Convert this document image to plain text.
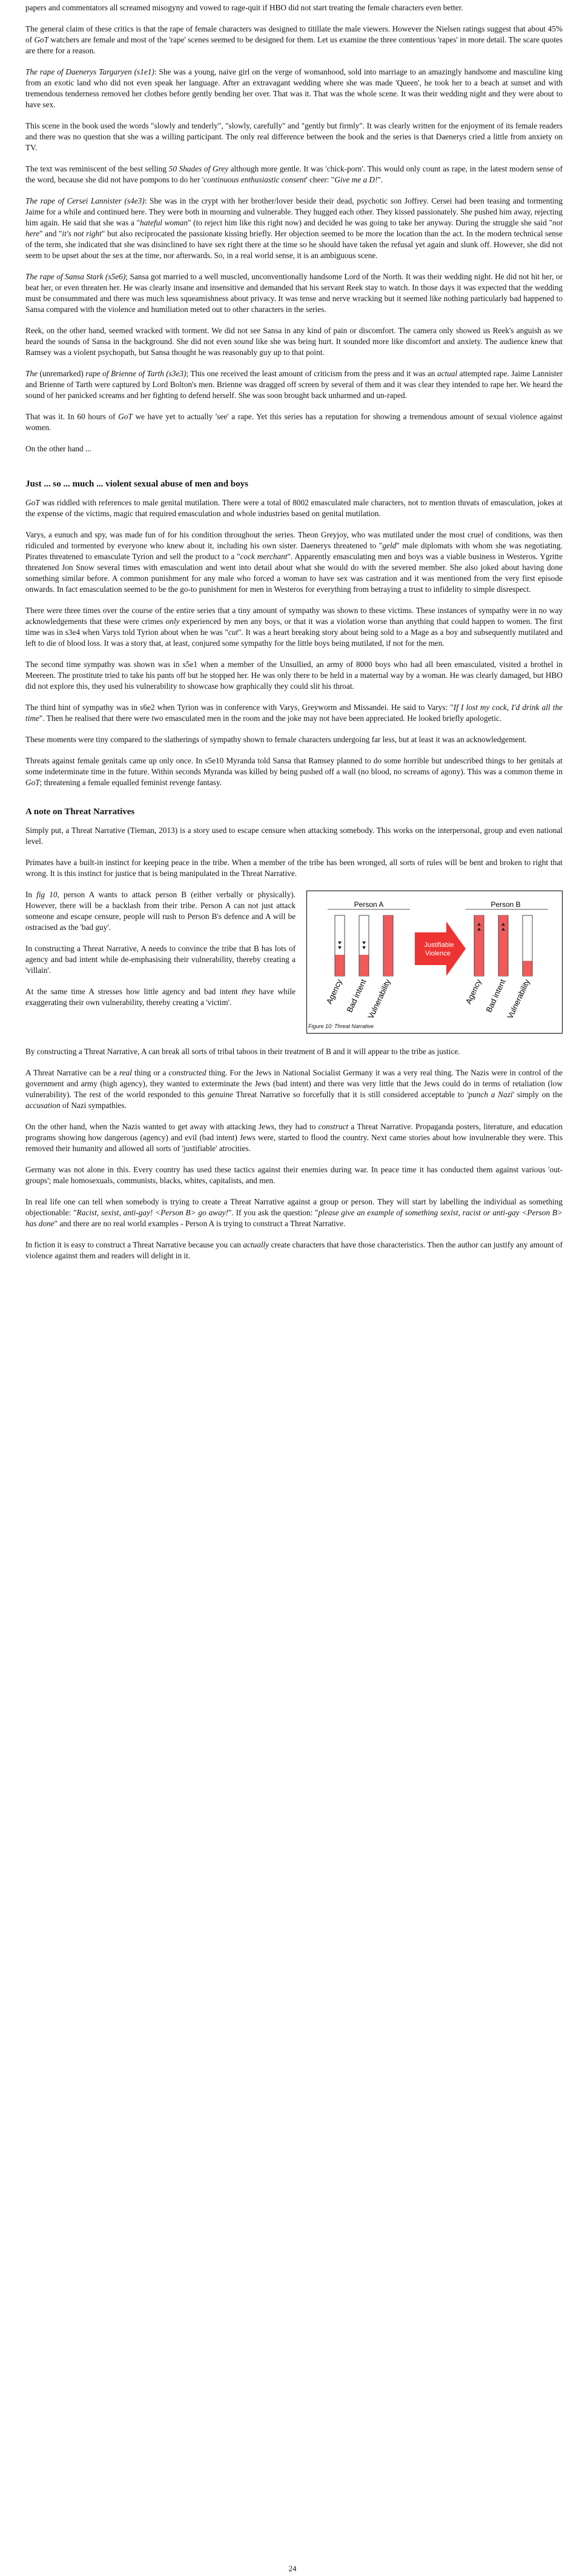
papers and commentators all screamed misogyny and vowed to rage-quit if HBO did not start treating the female characters even better.

The general claim of these critics is that the rape of female characters was designed to titillate the male viewers. However the Nielsen ratings suggest that about 45% of GoT watchers are female and most of the 'rape' scenes seemed to be designed for them. Let us examine the three contentious 'rapes' in more detail. The scare quotes are there for a reason.

The rape of Daenerys Targaryen (s1e1): She was a young, naive girl on the verge of womanhood, sold into marriage to an amazingly handsome and masculine king from an exotic land who did not even speak her language. After an extravagant wedding where she was made 'Queen', he took her to a beach at sunset and with tremendous tenderness removed her clothes before gently bending her over. That was it. That was the whole scene. It was their wedding night and they were about to have sex.

This scene in the book used the words "slowly and tenderly", "slowly, carefully" and "gently but firmly". It was clearly written for the enjoyment of its female readers and there was no question that she was a willing participant. The only real difference between the book and the series is that Daenerys cried a little from anxiety on TV.

The text was reminiscent of the best selling 50 Shades of Grey although more gentle. It was 'chick-porn'. This would only count as rape, in the latest modern sense of the word, because she did not have pompons to do her 'continuous enthusiastic consent' cheer: "Give me a D!".

The rape of Cersei Lannister (s4e3): She was in the crypt with her brother/lover beside their dead, psychotic son Joffrey. Cersei had been teasing and tormenting Jaime for a while and continued here. They were both in mourning and vulnerable. They hugged each other. They kissed passionately. She pushed him away, rejecting him again. He said that she was a "hateful woman" (to reject him like this right now) and decided he was going to take her anyway. During the struggle she said "not here" and "it's not right" but also reciprocated the passionate kissing briefly. Her objection seemed to be more the location than the act. In the modern technical sense of the term, she indicated that she was disinclined to have sex right there at the time so he should have taken the refusal yet again and slunk off. However, she did not seem to be upset about the sex at the time, nor afterwards. So, in a real world sense, it is an ambiguous scene.

The rape of Sansa Stark (s5e6); Sansa got married to a well muscled, unconventionally handsome Lord of the North. It was their wedding night. He did not hit her, or beat her, or even threaten her. He was clearly insane and insensitive and demanded that his servant Reek stay to watch. In those days it was expected that the wedding must be consummated and there was much less squeamishness about privacy. It was tense and nerve wracking but it seemed like nothing particularly bad happened to Sansa compared with the violence and humiliation meted out to other characters in the series.

Reek, on the other hand, seemed wracked with torment. We did not see Sansa in any kind of pain or discomfort. The camera only showed us Reek's anguish as we heard the sounds of Sansa in the background. She did not even sound like she was being hurt. It sounded more like discomfort and anxiety. The audience knew that Ramsey was a violent psychopath, but Sansa thought he was reasonably guy up to that point.

The (unremarked) rape of Brienne of Tarth (s3e3); This one received the least amount of criticism from the press and it was an actual attempted rape. Jaime Lannister and Brienne of Tarth were captured by Lord Bolton's men. Brienne was dragged off screen by several of them and it was clear they intended to rape her. We heard the sound of her panicked screams and her fighting to defend herself. She was soon brought back unharmed and un-raped.

That was it. In 60 hours of GoT we have yet to actually 'see' a rape. Yet this series has a reputation for showing a tremendous amount of sexual violence against women.

On the other hand ...

Just ... so ... much ... violent sexual abuse of men and boys

GoT was riddled with references to male genital mutilation. There were a total of 8002 emasculated male characters, not to mention threats of emasculation, jokes at the expense of the victims, magic that required emasculation and whole industries based on genital mutilation.

Varys, a eunuch and spy, was made fun of for his condition throughout the series. Theon Greyjoy, who was mutilated under the most cruel of conditions, was then ridiculed and tormented by everyone who knew about it, including his own sister. Daenerys threatened to "geld" male diplomats with whom she was negotiating. Pirates threatened to emasculate Tyrion and sell the product to a "cock merchant". Apparently emasculating men and boys was a viable business in Westeros. Ygritte threatened Jon Snow several times with emasculation and went into detail about what she would do with the severed member. She also joked about having done something similar before. A common punishment for any male who forced a woman to have sex was castration and it was mentioned from the very first episode onwards. In fact emasculation seemed to be the go-to punishment for men in Westeros for everything from betraying a trust to infidelity to simple disrespect.

There were three times over the course of the entire series that a tiny amount of sympathy was shown to these victims. These instances of sympathy were in no way acknowledgements that these were crimes only experienced by men any boys, or that it was a violation worse than anything that could happen to women. The first time was in s3e4 when Varys told Tyrion about when he was "cut". It was a heart breaking story about being sold to a Mage as a boy and subsequently mutilated and left to die of blood loss. It was a story that, at least, conjured some sympathy for the little boys being mutilated, if not for the men.

The second time sympathy was shown was in s5e1 when a member of the Unsullied, an army of 8000 boys who had all been emasculated, visited a brothel in Meereen. The prostitute tried to take his pants off but he stopped her. He was only there to be held in a maternal way by a woman. He was clearly damaged, but HBO did not explore this, they used his vulnerability to showcase how graphically they could slit his throat.

The third hint of sympathy was in s6e2 when Tyrion was in conference with Varys, Greyworm and Missandei. He said to Varys: "If I lost my cock, I'd drink all the time". Then he realised that there were two emasculated men in the room and the joke may not have been appreciated. He looked briefly apologetic.

These moments were tiny compared to the slatherings of sympathy shown to female characters undergoing far less, but at least it was an acknowledgement.

Threats against female genitals came up only once. In s5e10 Myranda told Sansa that Ramsey planned to do some horrible but undescribed things to her genitals at some indeterminate time in the future. Within seconds Myranda was killed by being pushed off a wall (no blood, no screams of agony). This was a common theme in GoT; threatening a female equalled feminist revenge fantasy.

A note on Threat Narratives

Simply put, a Threat Narrative (Tieman, 2013) is a story used to escape censure when attacking somebody. This works on the interpersonal, group and even national level.

Primates have a built-in instinct for keeping peace in the tribe. When a member of the tribe has been wronged, all sorts of rules will be bent and broken to right that wrong. It is this instinct for justice that is being manipulated in the Threat Narrative.

Person A	Person B
Justifiable
Violence
Agency Bad intent
Vulnerability	Agency Bad intent
Vulnerability
Figure 10: Threat Narrative

In fig 10, person A wants to attack person B (either verbally or physically). However, there will be a backlash from their tribe. Person A can not just attack someone and escape censure, people will rush to Person B's defence and A will be ostracised as the 'bad guy'.

In constructing a Threat Narrative, A needs to convince the tribe that B has lots of agency and bad intent while de-emphasising their vulnerability, thereby creating a 'villain'.

At the same time A stresses how little agency and bad intent they have while exaggerating their own vulnerability, thereby creating a 'victim'.

By constructing a Threat Narrative, A can break all sorts of tribal taboos in their treatment of B and it will appear to the tribe as justice.

A Threat Narrative can be a real thing or a constructed thing. For the Jews in National Socialist Germany it was a very real thing. The Nazis were in control of the government and army (high agency), they wanted to exterminate the Jews (bad intent) and there was very little that the Jews could do in terms of retaliation (low vulnerability). The rest of the world responded to this genuine Threat Narrative so forcefully that it is still considered acceptable to 'punch a Nazi' simply on the accusation of Nazi sympathies.

On the other hand, when the Nazis wanted to get away with attacking Jews, they had to construct a Threat Narrative. Propaganda posters, literature, and education programs showing how dangerous (agency) and evil (bad intent) Jews were, started to flood the country. Next came stories about how invulnerable they were. This removed their humanity and allowed all sorts of 'justifiable' atrocities.

Germany was not alone in this. Every country has used these tactics against their enemies during war. In peace time it has conducted them against various 'out-groups'; male homosexuals, communists, blacks, whites, capitalists, and men.

In real life one can tell when somebody is trying to create a Threat Narrative against a group or person. They will start by labelling the individual as something objectionable: "Racist, sexist, anti-gay! <Person B> go away!". If you ask the question: "please give an example of something sexist, racist or anti-gay <Person B> has done" and there are no real world examples - Person A is trying to construct a Threat Narrative.

In fiction it is easy to construct a Threat Narrative because you can actually create characters that have those characteristics. Then the author can justify any amount of violence against them and readers will delight in it.

24
